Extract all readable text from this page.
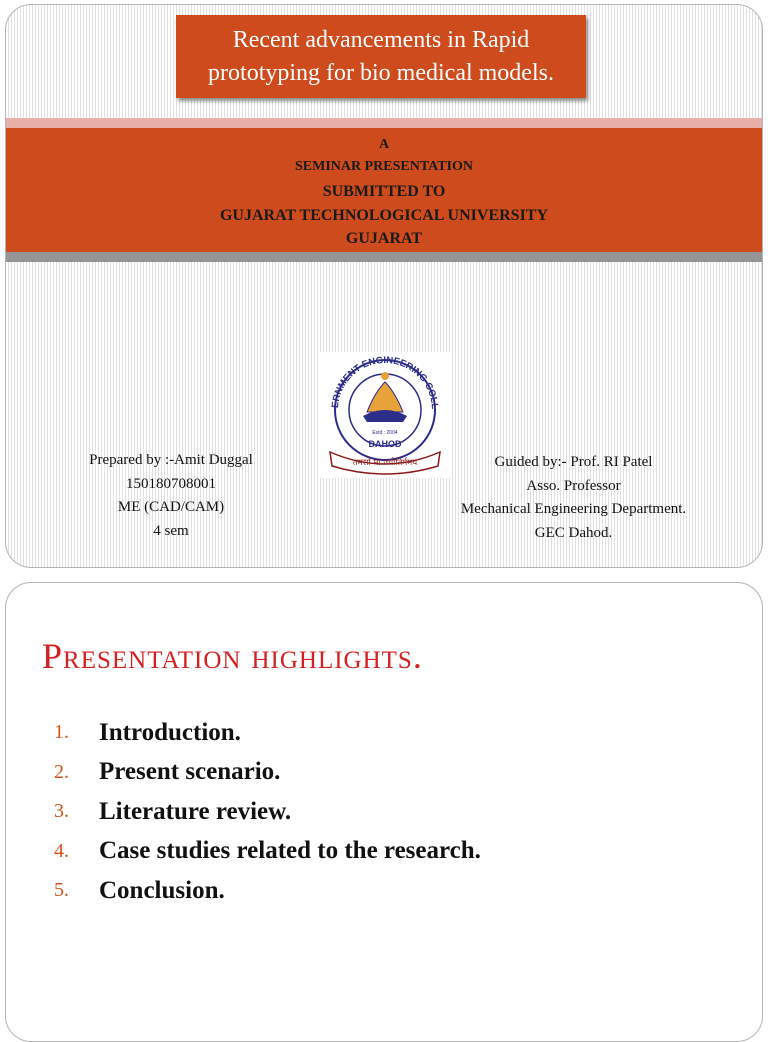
Recent advancements in Rapid
prototyping for bio medical models.
A
SEMINAR PRESENTATION
SUBMITTED TO
GUJARAT TECHNOLOGICAL UNIVERSITY
GUJARAT
ERNMENT ENGINEERING COLL
Estd : 2004
DAHOD
तमसो मा ज्योतिर्गमय
Prepared by :-Amit Duggal
150180708001
ME (CAD/CAM)
4 sem
Guided by:- Prof. RI Patel
Asso. Professor
Mechanical Engineering Department.
GEC Dahod.
Presentation highlights.
1.	Introduction.
2.	Present scenario.
3.	Literature review.
4.	Case studies related to the research.
5.	Conclusion.
